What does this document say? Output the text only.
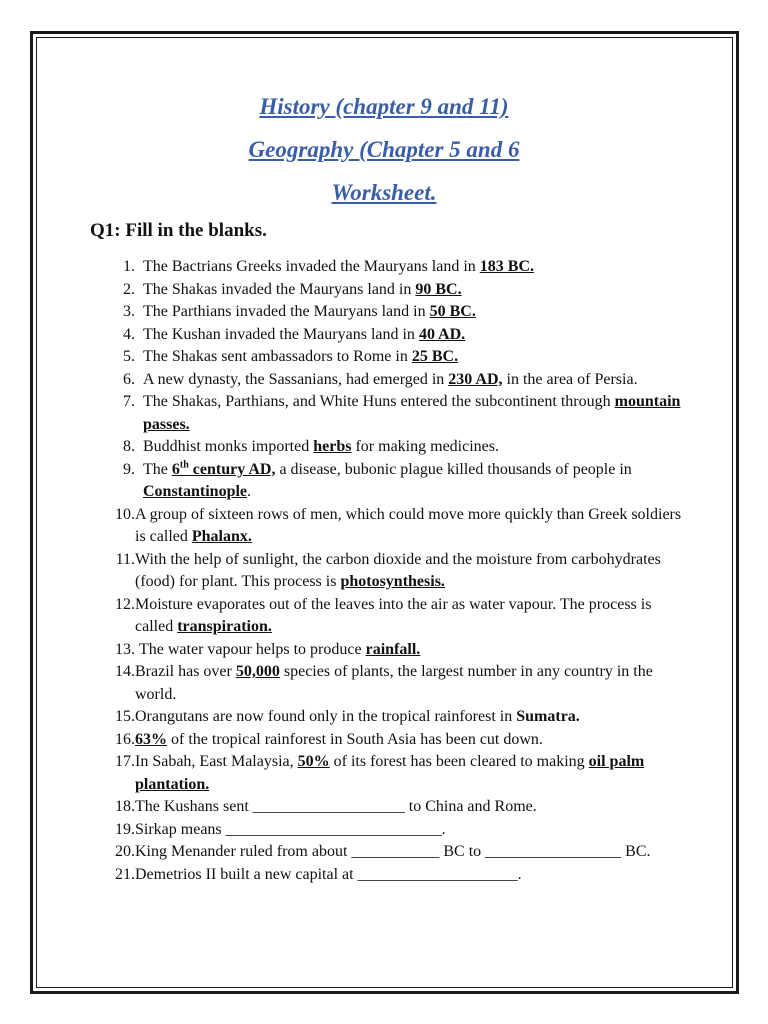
History (chapter 9 and 11)
Geography (Chapter 5 and 6
Worksheet.
Q1: Fill in the blanks.
1. The Bactrians Greeks invaded the Mauryans land in 183 BC.
2. The Shakas invaded the Mauryans land in 90 BC.
3. The Parthians invaded the Mauryans land in 50 BC.
4. The Kushan invaded the Mauryans land in 40 AD.
5. The Shakas sent ambassadors to Rome in 25 BC.
6. A new dynasty, the Sassanians, had emerged in 230 AD, in the area of Persia.
7. The Shakas, Parthians, and White Huns entered the subcontinent through mountain passes.
8. Buddhist monks imported herbs for making medicines.
9. The 6th century AD, a disease, bubonic plague killed thousands of people in Constantinople.
10. A group of sixteen rows of men, which could move more quickly than Greek soldiers is called Phalanx.
11. With the help of sunlight, the carbon dioxide and the moisture from carbohydrates (food) for plant. This process is photosynthesis.
12. Moisture evaporates out of the leaves into the air as water vapour. The process is called transpiration.
13. The water vapour helps to produce rainfall.
14. Brazil has over 50,000 species of plants, the largest number in any country in the world.
15. Orangutans are now found only in the tropical rainforest in Sumatra.
16. 63% of the tropical rainforest in South Asia has been cut down.
17. In Sabah, East Malaysia, 50% of its forest has been cleared to making oil palm plantation.
18. The Kushans sent ___________________ to China and Rome.
19. Sirkap means ___________________________.
20. King Menander ruled from about ___________ BC to _________________ BC.
21. Demetrios II built a new capital at ____________________.
